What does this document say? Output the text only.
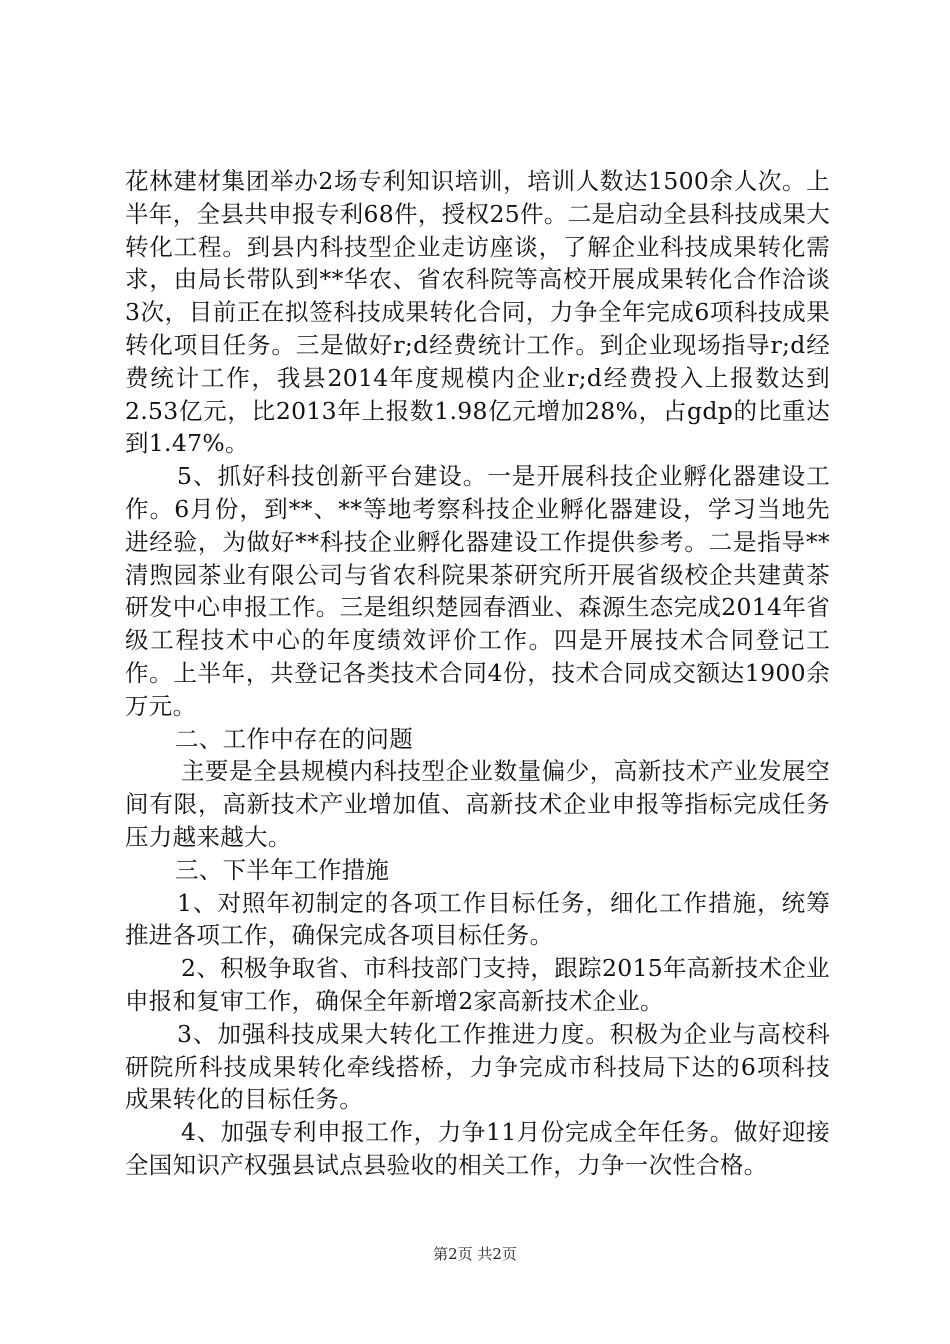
花林建材集团举办2场专利知识培训，培训人数达1500余人次。上半年，全县共申报专利68件，授权25件。二是启动全县科技成果大转化工程。到县内科技型企业走访座谈，了解企业科技成果转化需求，由局长带队到**华农、省农科院等高校开展成果转化合作洽谈3次，目前正在拟签科技成果转化合同，力争全年完成6项科技成果转化项目任务。三是做好r;d经费统计工作。到企业现场指导r;d经费统计工作，我县2014年度规模内企业r;d经费投入上报数达到2.53亿元，比2013年上报数1.98亿元增加28%，占gdp的比重达到1.47%。

5、抓好科技创新平台建设。一是开展科技企业孵化器建设工作。6月份，到**、**等地考察科技企业孵化器建设，学习当地先进经验，为做好**科技企业孵化器建设工作提供参考。二是指导**清煦园茶业有限公司与省农科院果茶研究所开展省级校企共建黄茶研发中心申报工作。三是组织楚园春酒业、森源生态完成2014年省级工程技术中心的年度绩效评价工作。四是开展技术合同登记工作。上半年，共登记各类技术合同4份，技术合同成交额达1900余万元。

二、工作中存在的问题

主要是全县规模内科技型企业数量偏少，高新技术产业发展空间有限，高新技术产业增加值、高新技术企业申报等指标完成任务压力越来越大。

三、下半年工作措施

1、对照年初制定的各项工作目标任务，细化工作措施，统筹推进各项工作，确保完成各项目标任务。

2、积极争取省、市科技部门支持，跟踪2015年高新技术企业申报和复审工作，确保全年新增2家高新技术企业。

3、加强科技成果大转化工作推进力度。积极为企业与高校科研院所科技成果转化牵线搭桥，力争完成市科技局下达的6项科技成果转化的目标任务。

4、加强专利申报工作，力争11月份完成全年任务。做好迎接全国知识产权强县试点县验收的相关工作，力争一次性合格。

第2页 共2页
